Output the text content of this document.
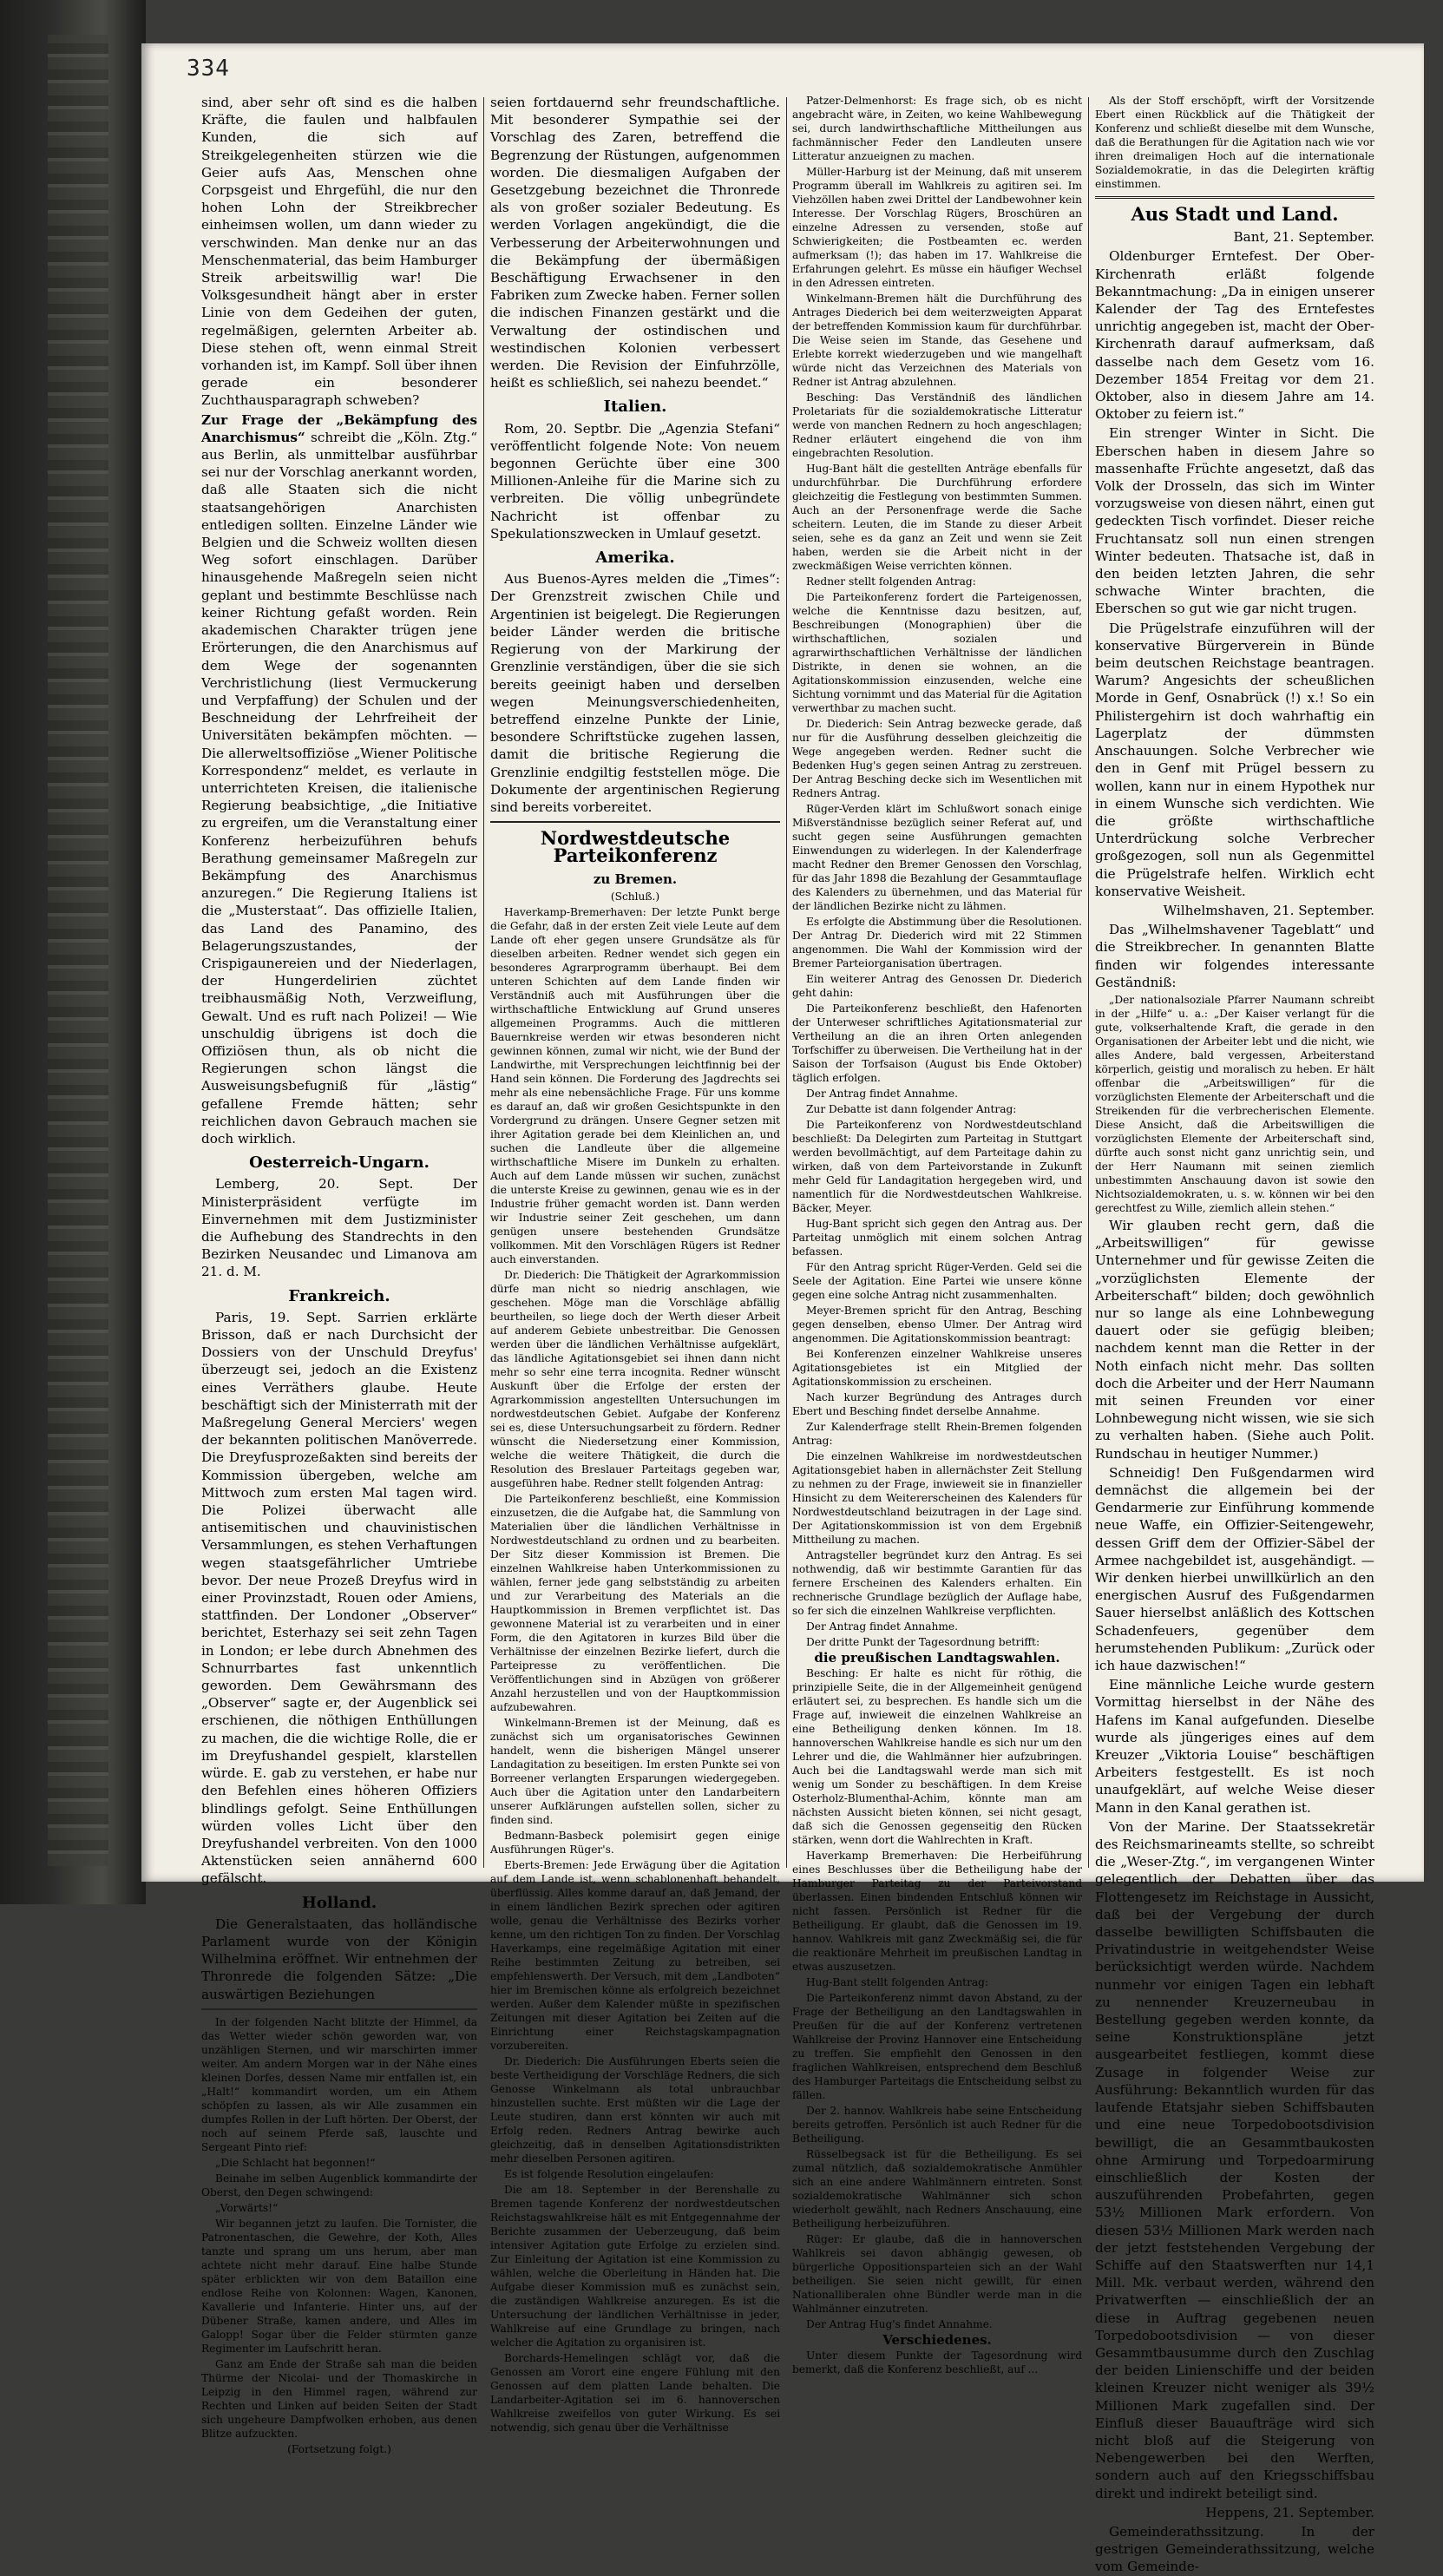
334

sind, aber sehr oft sind es die halben Kräfte, die faulen und halbfaulen Kunden, die sich auf Streikgelegenheiten stürzen wie die Geier aufs Aas, Menschen ohne Corpsgeist und Ehrgefühl, die nur den hohen Lohn der Streikbrecher einheimsen wollen, um dann wieder zu verschwinden. Man denke nur an das Menschenmaterial, das beim Hamburger Streik arbeitswillig war! Die Volksgesundheit hängt aber in erster Linie von dem Gedeihen der guten, regelmäßigen, gelernten Arbeiter ab. Diese stehen oft, wenn einmal Streit vorhanden ist, im Kampf. Soll über ihnen gerade ein besonderer Zuchthausparagraph schweben?

Zur Frage der „Bekämpfung des Anarchismus“ schreibt die „Köln. Ztg.“ aus Berlin, als unmittelbar ausführbar sei nur der Vorschlag anerkannt worden, daß alle Staaten sich die nicht staatsangehörigen Anarchisten entledigen sollten. Einzelne Länder wie Belgien und die Schweiz wollten diesen Weg sofort einschlagen. Darüber hinausgehende Maßregeln seien nicht geplant und bestimmte Beschlüsse nach keiner Richtung gefaßt worden. Rein akademischen Charakter trügen jene Erörterungen, die den Anarchismus auf dem Wege der sogenannten Verchristlichung (liest Vermuckerung und Verpfaffung) der Schulen und der Beschneidung der Lehrfreiheit der Universitäten bekämpfen möchten. — Die allerweltsoffiziöse „Wiener Politische Korrespondenz“ meldet, es verlaute in unterrichteten Kreisen, die italienische Regierung beabsichtige, „die Initiative zu ergreifen, um die Veranstaltung einer Konferenz herbeizuführen behufs Berathung gemeinsamer Maßregeln zur Bekämpfung des Anarchismus anzuregen.“ Die Regierung Italiens ist die „Musterstaat“. Das offizielle Italien, das Land des Panamino, des Belagerungszustandes, der Crispigaunereien und der Niederlagen, der Hungerdelirien züchtet treibhausmäßig Noth, Verzweiflung, Gewalt. Und es ruft nach Polizei! — Wie unschuldig übrigens ist doch die Offiziösen thun, als ob nicht die Regierungen schon längst die Ausweisungsbefugniß für „lästig“ gefallene Fremde hätten; sehr reichlichen davon Gebrauch machen sie doch wirklich.

Oesterreich-Ungarn.

Lemberg, 20. Sept. Der Ministerpräsident verfügte im Einvernehmen mit dem Justizminister die Aufhebung des Standrechts in den Bezirken Neusandec und Limanova am 21. d. M.

Frankreich.

Paris, 19. Sept. Sarrien erklärte Brisson, daß er nach Durchsicht der Dossiers von der Unschuld Dreyfus' überzeugt sei, jedoch an die Existenz eines Verräthers glaube. Heute beschäftigt sich der Ministerrath mit der Maßregelung General Merciers' wegen der bekannten politischen Manöverrede. Die Dreyfusprozeßakten sind bereits der Kommission übergeben, welche am Mittwoch zum ersten Mal tagen wird. Die Polizei überwacht alle antisemitischen und chauvinistischen Versammlungen, es stehen Verhaftungen wegen staatsgefährlicher Umtriebe bevor. Der neue Prozeß Dreyfus wird in einer Provinzstadt, Rouen oder Amiens, stattfinden. Der Londoner „Observer“ berichtet, Esterhazy sei seit zehn Tagen in London; er lebe durch Abnehmen des Schnurrbartes fast unkenntlich geworden. Dem Gewährsmann des „Observer“ sagte er, der Augenblick sei erschienen, die nöthigen Enthüllungen zu machen, die die wichtige Rolle, die er im Dreyfushandel gespielt, klarstellen würde. E. gab zu verstehen, er habe nur den Befehlen eines höheren Offiziers blindlings gefolgt. Seine Enthüllungen würden volles Licht über den Dreyfushandel verbreiten. Von den 1000 Aktenstücken seien annähernd 600 gefälscht.

Holland.

Die Generalstaaten, das holländische Parlament wurde von der Königin Wilhelmina eröffnet. Wir entnehmen der Thronrede die folgenden Sätze: „Die auswärtigen Beziehungen

In der folgenden Nacht blitzte der Himmel, da das Wetter wieder schön geworden war, von unzähligen Sternen, und wir marschirten immer weiter. Am andern Morgen war in der Nähe eines kleinen Dorfes, dessen Name mir entfallen ist, ein „Halt!“ kommandirt worden, um ein Athem schöpfen zu lassen, als wir Alle zusammen ein dumpfes Rollen in der Luft hörten. Der Oberst, der noch auf seinem Pferde saß, lauschte und Sergeant Pinto rief:

„Die Schlacht hat begonnen!“

Beinahe im selben Augenblick kommandirte der Oberst, den Degen schwingend:

„Vorwärts!“

Wir begannen jetzt zu laufen. Die Tornister, die Patronentaschen, die Gewehre, der Koth, Alles tanzte und sprang um uns herum, aber man achtete nicht mehr darauf. Eine halbe Stunde später erblickten wir von dem Bataillon eine endlose Reihe von Kolonnen: Wagen, Kanonen, Kavallerie und Infanterie. Hinter uns, auf der Dübener Straße, kamen andere, und Alles im Galopp! Sogar über die Felder stürmten ganze Regimenter im Laufschritt heran.

Ganz am Ende der Straße sah man die beiden Thürme der Nicolai- und der Thomaskirche in Leipzig in den Himmel ragen, während zur Rechten und Linken auf beiden Seiten der Stadt sich ungeheure Dampfwolken erhoben, aus denen Blitze aufzuckten.

(Fortsetzung folgt.)

seien fortdauernd sehr freundschaftliche. Mit besonderer Sympathie sei der Vorschlag des Zaren, betreffend die Begrenzung der Rüstungen, aufgenommen worden. Die diesmaligen Aufgaben der Gesetzgebung bezeichnet die Thronrede als von großer sozialer Bedeutung. Es werden Vorlagen angekündigt, die die Verbesserung der Arbeiterwohnungen und die Bekämpfung der übermäßigen Beschäftigung Erwachsener in den Fabriken zum Zwecke haben. Ferner sollen die indischen Finanzen gestärkt und die Verwaltung der ostindischen und westindischen Kolonien verbessert werden. Die Revision der Einfuhrzölle, heißt es schließlich, sei nahezu beendet.“

Italien.

Rom, 20. Septbr. Die „Agenzia Stefani“ veröffentlicht folgende Note: Von neuem begonnen Gerüchte über eine 300 Millionen-Anleihe für die Marine sich zu verbreiten. Die völlig unbegründete Nachricht ist offenbar zu Spekulationszwecken in Umlauf gesetzt.

Amerika.

Aus Buenos-Ayres melden die „Times“: Der Grenzstreit zwischen Chile und Argentinien ist beigelegt. Die Regierungen beider Länder werden die britische Regierung von der Markirung der Grenzlinie verständigen, über die sie sich bereits geeinigt haben und derselben wegen Meinungsverschiedenheiten, betreffend einzelne Punkte der Linie, besondere Schriftstücke zugehen lassen, damit die britische Regierung die Grenzlinie endgiltig feststellen möge. Die Dokumente der argentinischen Regierung sind bereits vorbereitet.

Nordwestdeutsche Parteikonferenz

zu Bremen.

(Schluß.)

Haverkamp-Bremerhaven: Der letzte Punkt berge die Gefahr, daß in der ersten Zeit viele Leute auf dem Lande oft eher gegen unsere Grundsätze als für dieselben arbeiten. Redner wendet sich gegen ein besonderes Agrarprogramm überhaupt. Bei dem unteren Schichten auf dem Lande finden wir Verständniß auch mit Ausführungen über die wirthschaftliche Entwicklung auf Grund unseres allgemeinen Programms. Auch die mittleren Bauernkreise werden wir etwas besonderen nicht gewinnen können, zumal wir nicht, wie der Bund der Landwirthe, mit Versprechungen leichtfinnig bei der Hand sein können. Die Forderung des Jagdrechts sei mehr als eine nebensächliche Frage. Für uns komme es darauf an, daß wir großen Gesichtspunkte in den Vordergrund zu drängen. Unsere Gegner setzen mit ihrer Agitation gerade bei dem Kleinlichen an, und suchen die Landleute über die allgemeine wirthschaftliche Misere im Dunkeln zu erhalten. Auch auf dem Lande müssen wir suchen, zunächst die unterste Kreise zu gewinnen, genau wie es in der Industrie früher gemacht worden ist. Dann werden wir Industrie seiner Zeit geschehen, um dann genügen unsere bestehenden Grundsätze vollkommen. Mit den Vorschlägen Rügers ist Redner auch einverstanden.

Dr. Diederich: Die Thätigkeit der Agrarkommission dürfe man nicht so niedrig anschlagen, wie geschehen. Möge man die Vorschläge abfällig beurtheilen, so liege doch der Werth dieser Arbeit auf anderem Gebiete unbestreitbar. Die Genossen werden über die ländlichen Verhältnisse aufgeklärt, das ländliche Agitationsgebiet sei ihnen dann nicht mehr so sehr eine terra incognita. Redner wünscht Auskunft über die Erfolge der ersten der Agrarkommission angestellten Untersuchungen im nordwestdeutschen Gebiet. Aufgabe der Konferenz sei es, diese Untersuchungsarbeit zu fördern. Redner wünscht die Niedersetzung einer Kommission, welche die weitere Thätigkeit, die durch die Resolution des Breslauer Parteitags gegeben war, ausgeführen habe. Redner stellt folgenden Antrag:

Die Parteikonferenz beschließt, eine Kommission einzusetzen, die die Aufgabe hat, die Sammlung von Materialien über die ländlichen Verhältnisse in Nordwestdeutschland zu ordnen und zu bearbeiten. Der Sitz dieser Kommission ist Bremen. Die einzelnen Wahlkreise haben Unterkommissionen zu wählen, ferner jede gang selbstständig zu arbeiten und zur Verarbeitung des Materials an die Hauptkommission in Bremen verpflichtet ist. Das gewonnene Material ist zu verarbeiten und in einer Form, die den Agitatoren in kurzes Bild über die Verhältnisse der einzelnen Bezirke liefert, durch die Parteipresse zu veröffentlichen. Die Veröffentlichungen sind in Abzügen von größerer Anzahl herzustellen und von der Hauptkommission aufzubewahren.

Winkelmann-Bremen ist der Meinung, daß es zunächst sich um organisatorisches Gewinnen handelt, wenn die bisherigen Mängel unserer Landagitation zu beseitigen. Im ersten Punkte sei von Borreener verlangten Ersparungen wiedergegeben. Auch über die Agitation unter den Landarbeitern unserer Aufklärungen aufstellen sollen, sicher zu finden sind.

Bedmann-Basbeck polemisirt gegen einige Ausführungen Rüger's.

Eberts-Bremen: Jede Erwägung über die Agitation auf dem Lande ist, wenn schablonenhaft behandelt, überflüssig. Alles komme darauf an, daß Jemand, der in einem ländlichen Bezirk sprechen oder agitiren wolle, genau die Verhältnisse des Bezirks vorher kenne, um den richtigen Ton zu finden. Der Vorschlag Haverkamps, eine regelmäßige Agitation mit einer Reihe bestimmten Zeitung zu betreiben, sei empfehlenswerth. Der Versuch, mit dem „Landboten“ hier im Bremischen könne als erfolgreich bezeichnet werden. Außer dem Kalender müßte in spezifischen Zeitungen mit dieser Agitation bei Zeiten auf die Einrichtung einer Reichstagskampagnation vorzubereiten.

Dr. Diederich: Die Ausführungen Eberts seien die beste Vertheidigung der Vorschläge Redners, die sich Genosse Winkelmann als total unbrauchbar hinzustellen suchte. Erst müßten wir die Lage der Leute studiren, dann erst könnten wir auch mit Erfolg reden. Redners Antrag bewirke auch gleichzeitig, daß in denselben Agitationsdistrikten mehr dieselben Personen agitiren.

Es ist folgende Resolution eingelaufen:

Die am 18. September in der Berenshalle zu Bremen tagende Konferenz der nordwestdeutschen Reichstagswahlkreise hält es mit Entgegennahme der Berichte zusammen der Ueberzeugung, daß beim intensiver Agitation gute Erfolge zu erzielen sind. Zur Einleitung der Agitation ist eine Kommission zu wählen, welche die Oberleitung in Händen hat. Die Aufgabe dieser Kommission muß es zunächst sein, die zuständigen Wahlkreise anzuregen. Es ist die Untersuchung der ländlichen Verhältnisse in jeder, Wahlkreise auf eine Grundlage zu bringen, nach welcher die Agitation zu organisiren ist.

Borchards-Hemelingen schlägt vor, daß die Genossen am Vorort eine engere Fühlung mit den Genossen auf dem platten Lande behalten. Die Landarbeiter-Agitation sei im 6. hannoverschen Wahlkreise zweifellos von guter Wirkung. Es sei notwendig, sich genau über die Verhältnisse

Patzer-Delmenhorst: Es frage sich, ob es nicht angebracht wäre, in Zeiten, wo keine Wahlbewegung sei, durch landwirthschaftliche Mittheilungen aus fachmännischer Feder den Landleuten unsere Litteratur anzueignen zu machen.

Müller-Harburg ist der Meinung, daß mit unserem Programm überall im Wahlkreis zu agitiren sei. Im Viehzöllen haben zwei Drittel der Landbewohner kein Interesse. Der Vorschlag Rügers, Broschüren an einzelne Adressen zu versenden, stoße auf Schwierigkeiten; die Postbeamten ec. werden aufmerksam (!); das haben im 17. Wahlkreise die Erfahrungen gelehrt. Es müsse ein häufiger Wechsel in den Adressen eintreten.

Winkelmann-Bremen hält die Durchführung des Antrages Diederich bei dem weiterzweigten Apparat der betreffenden Kommission kaum für durchführbar. Die Weise seien im Stande, das Gesehene und Erlebte korrekt wiederzugeben und wie mangelhaft würde nicht das Verzeichnen des Materials von Redner ist Antrag abzulehnen.

Besching: Das Verständniß des ländlichen Proletariats für die sozialdemokratische Litteratur werde von manchen Rednern zu hoch angeschlagen; Redner erläutert eingehend die von ihm eingebrachten Resolution.

Hug-Bant hält die gestellten Anträge ebenfalls für undurchführbar. Die Durchführung erfordere gleichzeitig die Festlegung von bestimmten Summen. Auch an der Personenfrage werde die Sache scheitern. Leuten, die im Stande zu dieser Arbeit seien, sehe es da ganz an Zeit und wenn sie Zeit haben, werden sie die Arbeit nicht in der zweckmäßigen Weise verrichten können.

Redner stellt folgenden Antrag:

Die Parteikonferenz fordert die Parteigenossen, welche die Kenntnisse dazu besitzen, auf, Beschreibungen (Monographien) über die wirthschaftlichen, sozialen und agrarwirthschaftlichen Verhältnisse der ländlichen Distrikte, in denen sie wohnen, an die Agitationskommission einzusenden, welche eine Sichtung vornimmt und das Material für die Agitation verwerthbar zu machen sucht.

Dr. Diederich: Sein Antrag bezwecke gerade, daß nur für die Ausführung desselben gleichzeitig die Wege angegeben werden. Redner sucht die Bedenken Hug's gegen seinen Antrag zu zerstreuen. Der Antrag Besching decke sich im Wesentlichen mit Redners Antrag.

Rüger-Verden klärt im Schlußwort sonach einige Mißverständnisse bezüglich seiner Referat auf, und sucht gegen seine Ausführungen gemachten Einwendungen zu widerlegen. In der Kalenderfrage macht Redner den Bremer Genossen den Vorschlag, für das Jahr 1898 die Bezahlung der Gesammtauflage des Kalenders zu übernehmen, und das Material für der ländlichen Bezirke nicht zu lähmen.

Es erfolgte die Abstimmung über die Resolutionen. Der Antrag Dr. Diederich wird mit 22 Stimmen angenommen. Die Wahl der Kommission wird der Bremer Parteiorganisation übertragen.

Ein weiterer Antrag des Genossen Dr. Diederich geht dahin:

Die Parteikonferenz beschließt, den Hafenorten der Unterweser schriftliches Agitationsmaterial zur Vertheilung an die an ihren Orten anlegenden Torfschiffer zu überweisen. Die Vertheilung hat in der Saison der Torfsaison (August bis Ende Oktober) täglich erfolgen.

Der Antrag findet Annahme.

Zur Debatte ist dann folgender Antrag:

Die Parteikonferenz von Nordwestdeutschland beschließt: Da Delegirten zum Parteitag in Stuttgart werden bevollmächtigt, auf dem Parteitage dahin zu wirken, daß von dem Parteivorstande in Zukunft mehr Geld für Landagitation hergegeben wird, und namentlich für die Nordwestdeutschen Wahlkreise. Bäcker, Meyer.

Hug-Bant spricht sich gegen den Antrag aus. Der Parteitag unmöglich mit einem solchen Antrag befassen.

Für den Antrag spricht Rüger-Verden. Geld sei die Seele der Agitation. Eine Partei wie unsere könne gegen eine solche Antrag nicht zusammenhalten.

Meyer-Bremen spricht für den Antrag, Besching gegen denselben, ebenso Ulmer. Der Antrag wird angenommen. Die Agitationskommission beantragt:

Bei Konferenzen einzelner Wahlkreise unseres Agitationsgebietes ist ein Mitglied der Agitationskommission zu erscheinen.

Nach kurzer Begründung des Antrages durch Ebert und Besching findet derselbe Annahme.

Zur Kalenderfrage stellt Rhein-Bremen folgenden Antrag:

Die einzelnen Wahlkreise im nordwestdeutschen Agitationsgebiet haben in allernächster Zeit Stellung zu nehmen zu der Frage, inwieweit sie in finanzieller Hinsicht zu dem Weitererscheinen des Kalenders für Nordwestdeutschland beizutragen in der Lage sind. Der Agitationskommission ist von dem Ergebniß Mittheilung zu machen.

Antragsteller begründet kurz den Antrag. Es sei nothwendig, daß wir bestimmte Garantien für das fernere Erscheinen des Kalenders erhalten. Ein rechnerische Grundlage bezüglich der Auflage habe, so fer sich die einzelnen Wahlkreise verpflichten.

Der Antrag findet Annahme.

Der dritte Punkt der Tagesordnung betrifft:

die preußischen Landtagswahlen.

Besching: Er halte es nicht für röthig, die prinzipielle Seite, die in der Allgemeinheit genügend erläutert sei, zu besprechen. Es handle sich um die Frage auf, inwieweit die einzelnen Wahlkreise an eine Betheiligung denken können. Im 18. hannoverschen Wahlkreise handle es sich nur um den Lehrer und die, die Wahlmänner hier aufzubringen. Auch bei die Landtagswahl werde man sich mit wenig um Sonder zu beschäftigen. In dem Kreise Osterholz-Blumenthal-Achim, könnte man am nächsten Aussicht bieten können, sei nicht gesagt, daß sich die Genossen gegenseitig den Rücken stärken, wenn dort die Wahlrechten in Kraft.

Haverkamp Bremerhaven: Die Herbeiführung eines Beschlusses über die Betheiligung habe der Hamburger Parteitag zu der Parteivorstand überlassen. Einen bindenden Entschluß können wir nicht fassen. Persönlich ist Redner für die Betheiligung. Er glaubt, daß die Genossen im 19. hannov. Wahlkreis mit ganz Zweckmäßig sei, die für die reaktionäre Mehrheit im preußischen Landtag in etwas auszusetzen.

Hug-Bant stellt folgenden Antrag:

Die Parteikonferenz nimmt davon Abstand, zu der Frage der Betheiligung an den Landtagswahlen in Preußen für die auf der Konferenz vertretenen Wahlkreise der Provinz Hannover eine Entscheidung zu treffen. Sie empfiehlt den Genossen in den fraglichen Wahlkreisen, entsprechend dem Beschluß des Hamburger Parteitags die Entscheidung selbst zu fällen.

Der 2. hannov. Wahlkreis habe seine Entscheidung bereits getroffen. Persönlich ist auch Redner für die Betheiligung.

Rüsselbegsack ist für die Betheiligung. Es sei zumal nützlich, daß sozialdemokratische Anmühler sich an eine andere Wahlmännern eintreten. Sonst sozialdemokratische Wahlmänner sich schon wiederholt gewählt, nach Redners Anschauung, eine Betheiligung herbeizuführen.

Rüger: Er glaube, daß die in hannoverschen Wahlkreis sei davon abhängig gewesen, ob bürgerliche Oppositionsparteien sich an der Wahl betheiligen. Sie seien nicht gewillt, für einen Nationalliberalen ohne Bündler werde man in die Wahlmänner einzutreten.

Der Antrag Hug's findet Annahme.

Verschiedenes.

Unter diesem Punkte der Tagesordnung wird bemerkt, daß die Konferenz beschließt, auf ...

Als der Stoff erschöpft, wirft der Vorsitzende Ebert einen Rückblick auf die Thätigkeit der Konferenz und schließt dieselbe mit dem Wunsche, daß die Berathungen für die Agitation nach wie vor ihren dreimaligen Hoch auf die internationale Sozialdemokratie, in das die Delegirten kräftig einstimmen.

Aus Stadt und Land.

Bant, 21. September.

Oldenburger Erntefest. Der Ober-Kirchenrath erläßt folgende Bekanntmachung: „Da in einigen unserer Kalender der Tag des Erntefestes unrichtig angegeben ist, macht der Ober-Kirchenrath darauf aufmerksam, daß dasselbe nach dem Gesetz vom 16. Dezember 1854 Freitag vor dem 21. Oktober, also in diesem Jahre am 14. Oktober zu feiern ist.“

Ein strenger Winter in Sicht. Die Eberschen haben in diesem Jahre so massenhafte Früchte angesetzt, daß das Volk der Drosseln, das sich im Winter vorzugsweise von diesen nährt, einen gut gedeckten Tisch vorfindet. Dieser reiche Fruchtansatz soll nun einen strengen Winter bedeuten. Thatsache ist, daß in den beiden letzten Jahren, die sehr schwache Winter brachten, die Eberschen so gut wie gar nicht trugen.

Die Prügelstrafe einzuführen will der konservative Bürgerverein in Bünde beim deutschen Reichstage beantragen. Warum? Angesichts der scheußlichen Morde in Genf, Osnabrück (!) x.! So ein Philistergehirn ist doch wahrhaftig ein Lagerplatz der dümmsten Anschauungen. Solche Verbrecher wie den in Genf mit Prügel bessern zu wollen, kann nur in einem Hypothek nur in einem Wunsche sich verdichten. Wie die größte wirthschaftliche Unterdrückung solche Verbrecher großgezogen, soll nun als Gegenmittel die Prügelstrafe helfen. Wirklich echt konservative Weisheit.

Wilhelmshaven, 21. September.

Das „Wilhelmshavener Tageblatt“ und die Streikbrecher. In genannten Blatte finden wir folgendes interessante Geständniß:

„Der nationalsoziale Pfarrer Naumann schreibt in der „Hilfe“ u. a.: „Der Kaiser verlangt für die gute, volkserhaltende Kraft, die gerade in den Organisationen der Arbeiter lebt und die nicht, wie alles Andere, bald vergessen, Arbeiterstand körperlich, geistig und moralisch zu heben. Er hält offenbar die „Arbeitswilligen“ für die vorzüglichsten Elemente der Arbeiterschaft und die Streikenden für die verbrecherischen Elemente. Diese Ansicht, daß die Arbeitswilligen die vorzüglichsten Elemente der Arbeiterschaft sind, dürfte auch sonst nicht ganz unrichtig sein, und der Herr Naumann mit seinen ziemlich unbestimmten Anschauung davon ist sowie den Nichtsozialdemokraten, u. s. w. können wir bei den gerechtfest zu Wille, ziemlich allein stehen.“

Wir glauben recht gern, daß die „Arbeitswilligen“ für gewisse Unternehmer und für gewisse Zeiten die „vorzüglichsten Elemente der Arbeiterschaft“ bilden; doch gewöhnlich nur so lange als eine Lohnbewegung dauert oder sie gefügig bleiben; nachdem kennt man die Retter in der Noth einfach nicht mehr. Das sollten doch die Arbeiter und der Herr Naumann mit seinen Freunden vor einer Lohnbewegung nicht wissen, wie sie sich zu verhalten haben. (Siehe auch Polit. Rundschau in heutiger Nummer.)

Schneidig! Den Fußgendarmen wird demnächst die allgemein bei der Gendarmerie zur Einführung kommende neue Waffe, ein Offizier-Seitengewehr, dessen Griff dem der Offizier-Säbel der Armee nachgebildet ist, ausgehändigt. — Wir denken hierbei unwillkürlich an den energischen Ausruf des Fußgendarmen Sauer hierselbst anläßlich des Kottschen Schadenfeuers, gegenüber dem herumstehenden Publikum: „Zurück oder ich haue dazwischen!“

Eine männliche Leiche wurde gestern Vormittag hierselbst in der Nähe des Hafens im Kanal aufgefunden. Dieselbe wurde als jüngeriges eines auf dem Kreuzer „Viktoria Louise“ beschäftigen Arbeiters festgestellt. Es ist noch unaufgeklärt, auf welche Weise dieser Mann in den Kanal gerathen ist.

Von der Marine. Der Staatssekretär des Reichsmarineamts stellte, so schreibt die „Weser-Ztg.“, im vergangenen Winter gelegentlich der Debatten über das Flottengesetz im Reichstage in Aussicht, daß bei der Vergebung der durch dasselbe bewilligten Schiffsbauten die Privatindustrie in weitgehendster Weise berücksichtigt werden würde. Nachdem nunmehr vor einigen Tagen ein lebhaft zu nennender Kreuzerneubau in Bestellung gegeben werden konnte, da seine Konstruktionspläne jetzt ausgearbeitet festliegen, kommt diese Zusage in folgender Weise zur Ausführung: Bekanntlich wurden für das laufende Etatsjahr sieben Schiffsbauten und eine neue Torpedobootsdivision bewilligt, die an Gesammtbaukosten ohne Armirung und Torpedoarmirung einschließlich der Kosten der auszuführenden Probefahrten, gegen 53½ Millionen Mark erfordern. Von diesen 53½ Millionen Mark werden nach der jetzt feststehenden Vergebung der Schiffe auf den Staatswerften nur 14,1 Mill. Mk. verbaut werden, während den Privatwerften — einschließlich der an diese in Auftrag gegebenen neuen Torpedobootsdivision — von dieser Gesammtbausumme durch den Zuschlag der beiden Linienschiffe und der beiden kleinen Kreuzer nicht weniger als 39½ Millionen Mark zugefallen sind. Der Einfluß dieser Bauaufträge wird sich nicht bloß auf die Steigerung von Nebengewerben bei den Werften, sondern auch auf den Kriegsschiffsbau direkt und indirekt beteiligt sind.

Heppens, 21. September.

Gemeinderathssitzung. In der gestrigen Gemeinderathssitzung, welche vom Gemeinde-
